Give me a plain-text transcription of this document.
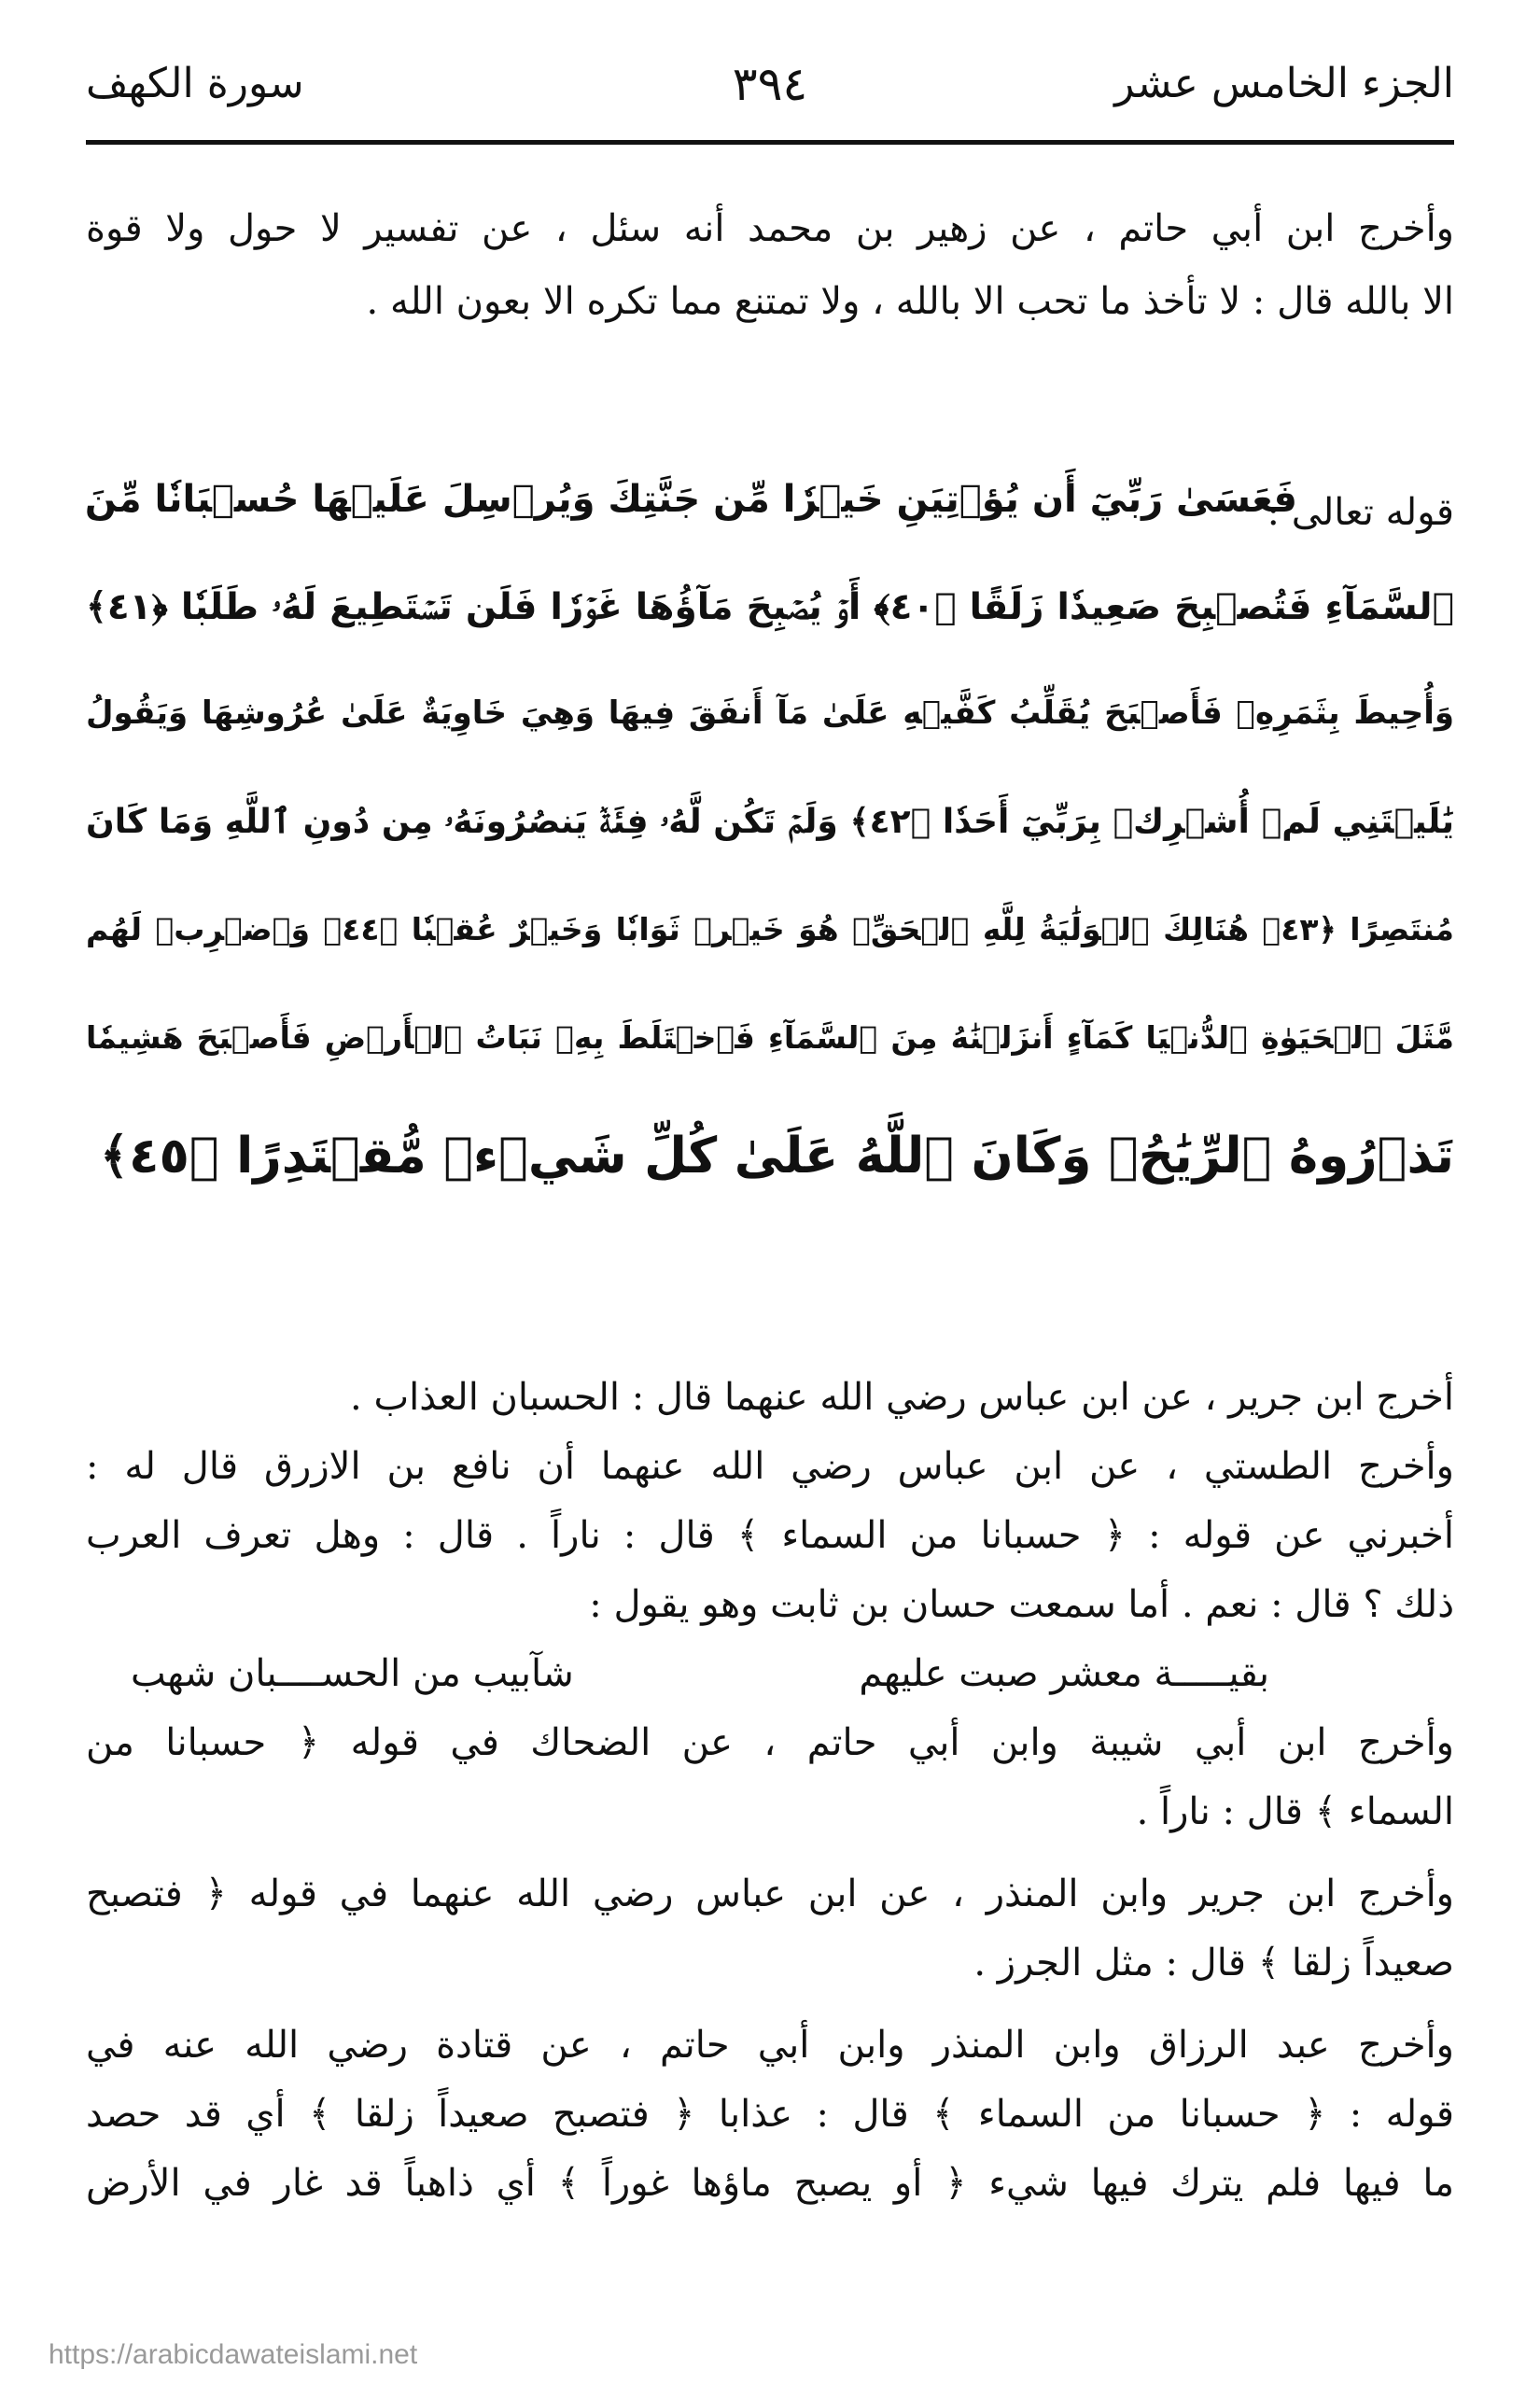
الجزء الخامس عشر
٣٩٤
سورة الكهف
وأخرج ابن أبي حاتم ، عن زهير بن محمد أنه سئل ، عن تفسير لا حول ولا قوة
الا بالله قال : لا تأخذ ما تحب الا بالله ، ولا تمتنع مما تكره الا بعون الله .
فَعَسَىٰ رَبِّيٓ أَن يُؤۡتِيَنِ خَيۡرٗا مِّن جَنَّتِكَ وَيُرۡسِلَ عَلَيۡهَا حُسۡبَانٗا مِّنَ
قوله تعالى :
ٱلسَّمَآءِ فَتُصۡبِحَ صَعِيدٗا زَلَقًا ﴿٤٠﴾ أَوۡ يُصۡبِحَ مَآؤُهَا غَوۡرٗا فَلَن تَسۡتَطِيعَ لَهُۥ طَلَبٗا ﴿٤١﴾
وَأُحِيطَ بِثَمَرِهِۦ فَأَصۡبَحَ يُقَلِّبُ كَفَّيۡهِ عَلَىٰ مَآ أَنفَقَ فِيهَا وَهِيَ خَاوِيَةٌ عَلَىٰ عُرُوشِهَا وَيَقُولُ
يَٰلَيۡتَنِي لَمۡ أُشۡرِكۡ بِرَبِّيٓ أَحَدٗا ﴿٤٢﴾ وَلَمۡ تَكُن لَّهُۥ فِئَةٞ يَنصُرُونَهُۥ مِن دُونِ ٱللَّهِ وَمَا كَانَ
مُنتَصِرًا ﴿٤٣﴾ هُنَالِكَ ٱلۡوَلَٰيَةُ لِلَّهِ ٱلۡحَقِّۚ هُوَ خَيۡرٞ ثَوَابٗا وَخَيۡرٌ عُقۡبٗا ﴿٤٤﴾ وَٱضۡرِبۡ لَهُم
مَّثَلَ ٱلۡحَيَوٰةِ ٱلدُّنۡيَا كَمَآءٍ أَنزَلۡنَٰهُ مِنَ ٱلسَّمَآءِ فَٱخۡتَلَطَ بِهِۦ نَبَاتُ ٱلۡأَرۡضِ فَأَصۡبَحَ هَشِيمٗا
تَذۡرُوهُ ٱلرِّيَٰحُۗ وَكَانَ ٱللَّهُ عَلَىٰ كُلِّ شَيۡءٖ مُّقۡتَدِرًا ﴿٤٥﴾
أخرج ابن جرير ، عن ابن عباس رضي الله عنهما قال : الحسبان العذاب .
وأخرج الطستي ، عن ابن عباس رضي الله عنهما أن نافع بن الازرق قال له :
أخبرني عن قوله : ﴿ حسبانا من السماء ﴾ قال : ناراً . قال : وهل تعرف العرب
ذلك ؟ قال : نعم . أما سمعت حسان بن ثابت وهو يقول :
بقيـــــة معشر صبت عليهم
شآبيب من الحســــبان شهب
وأخرج ابن أبي شيبة وابن أبي حاتم ، عن الضحاك في قوله ﴿ حسبانا من
السماء ﴾ قال : ناراً .
وأخرج ابن جرير وابن المنذر ، عن ابن عباس رضي الله عنهما في قوله ﴿ فتصبح
صعيداً زلقا ﴾ قال : مثل الجرز .
وأخرج عبد الرزاق وابن المنذر وابن أبي حاتم ، عن قتادة رضي الله عنه في
قوله : ﴿ حسبانا من السماء ﴾ قال : عذابا ﴿ فتصبح صعيداً زلقا ﴾ أي قد حصد
ما فيها فلم يترك فيها شيء ﴿ أو يصبح ماؤها غوراً ﴾ أي ذاهباً قد غار في الأرض
https://arabicdawateislami.net
